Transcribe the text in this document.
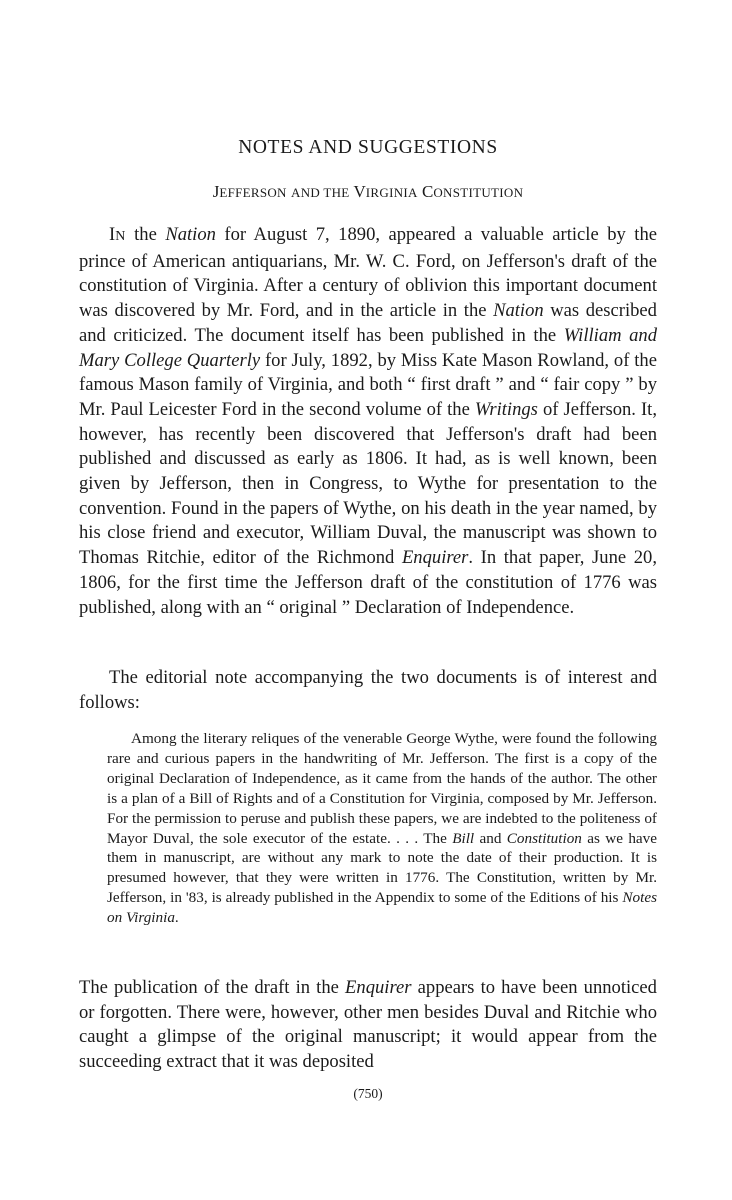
NOTES AND SUGGESTIONS
JEFFERSON AND THE VIRGINIA CONSTITUTION

IN the Nation for August 7, 1890, appeared a valuable article by the prince of American antiquarians, Mr. W. C. Ford, on Jefferson's draft of the constitution of Virginia. After a century of oblivion this important document was discovered by Mr. Ford, and in the article in the Nation was described and criticized. The document itself has been published in the William and Mary College Quarterly for July, 1892, by Miss Kate Mason Rowland, of the famous Mason family of Virginia, and both “ first draft ” and “ fair copy ” by Mr. Paul Leicester Ford in the second volume of the Writings of Jefferson. It, however, has recently been discovered that Jefferson's draft had been published and discussed as early as 1806. It had, as is well known, been given by Jefferson, then in Congress, to Wythe for presentation to the convention. Found in the papers of Wythe, on his death in the year named, by his close friend and executor, William Duval, the manuscript was shown to Thomas Ritchie, editor of the Richmond Enquirer. In that paper, June 20, 1806, for the first time the Jefferson draft of the constitution of 1776 was published, along with an “ original ” Declaration of Independence.

The editorial note accompanying the two documents is of interest and follows:

Among the literary reliques of the venerable George Wythe, were found the following rare and curious papers in the handwriting of Mr. Jefferson. The first is a copy of the original Declaration of Independence, as it came from the hands of the author. The other is a plan of a Bill of Rights and of a Constitution for Virginia, composed by Mr. Jefferson. For the permission to peruse and publish these papers, we are indebted to the politeness of Mayor Duval, the sole executor of the estate. . . . The Bill and Constitution as we have them in manuscript, are without any mark to note the date of their production. It is presumed however, that they were written in 1776. The Constitution, written by Mr. Jefferson, in '83, is already published in the Appendix to some of the Editions of his Notes on Virginia.

The publication of the draft in the Enquirer appears to have been unnoticed or forgotten. There were, however, other men besides Duval and Ritchie who caught a glimpse of the original manuscript; it would appear from the succeeding extract that it was deposited

(750)
